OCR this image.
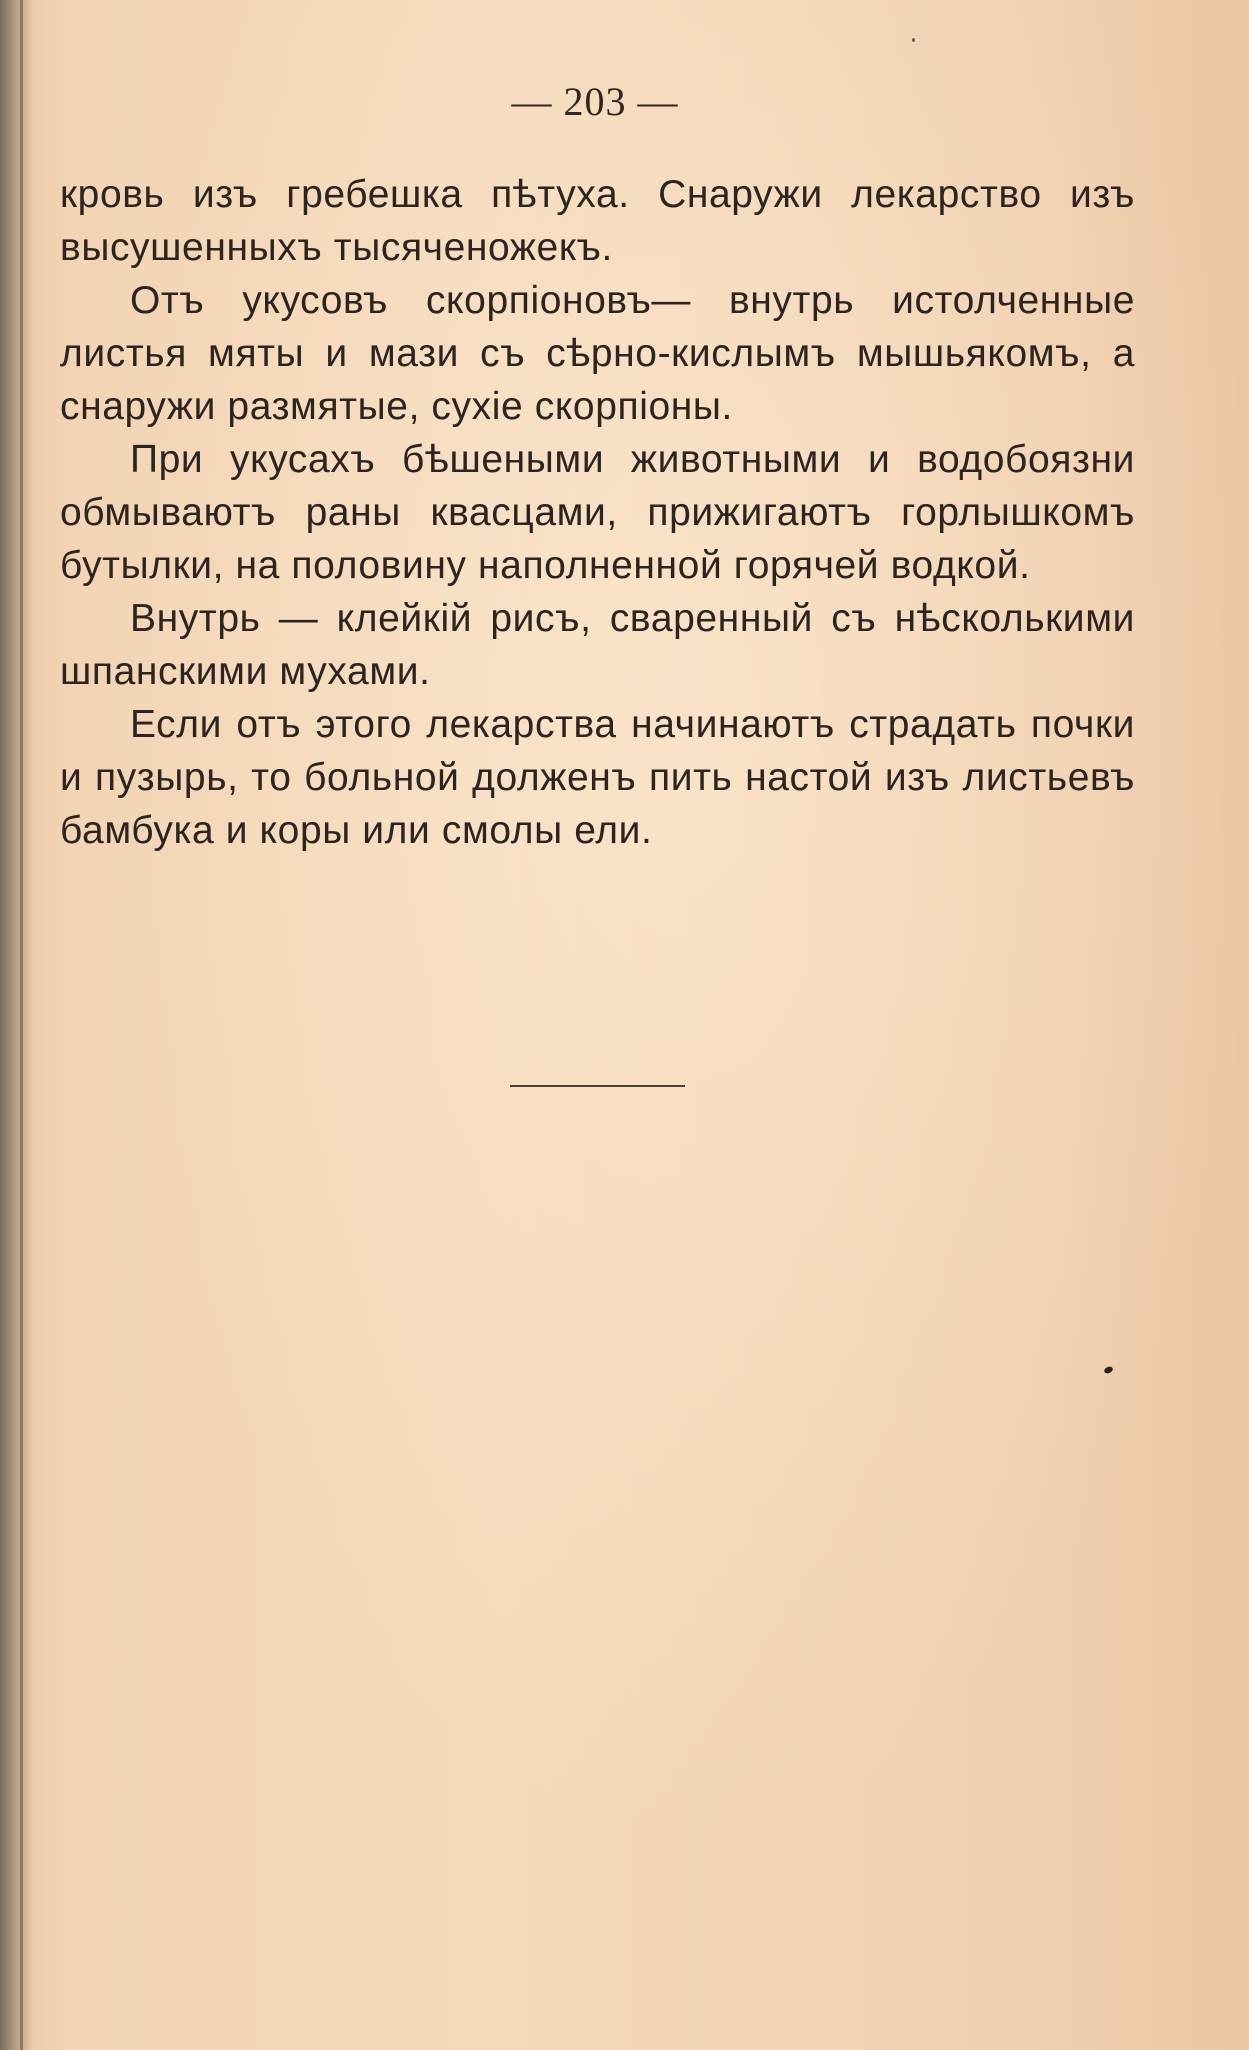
— 203 —

кровь изъ гребешка пѣтуха. Снаружи лекарство изъ высушенныхъ тысяченожекъ.

Отъ укусовъ скорпіоновъ— внутрь истолченные листья мяты и мази съ сѣрно-кислымъ мышьякомъ, а снаружи размятые, сухіе скорпіоны.

При укусахъ бѣшеными животными и водобоязни обмываютъ раны квасцами, прижигаютъ горлышкомъ бутылки, на половину наполненной горячей водкой.

Внутрь — клейкій рисъ, сваренный съ нѣсколькими шпанскими мухами.

Если отъ этого лекарства начинаютъ страдать почки и пузырь, то больной долженъ пить настой изъ листьевъ бамбука и коры или смолы ели.
